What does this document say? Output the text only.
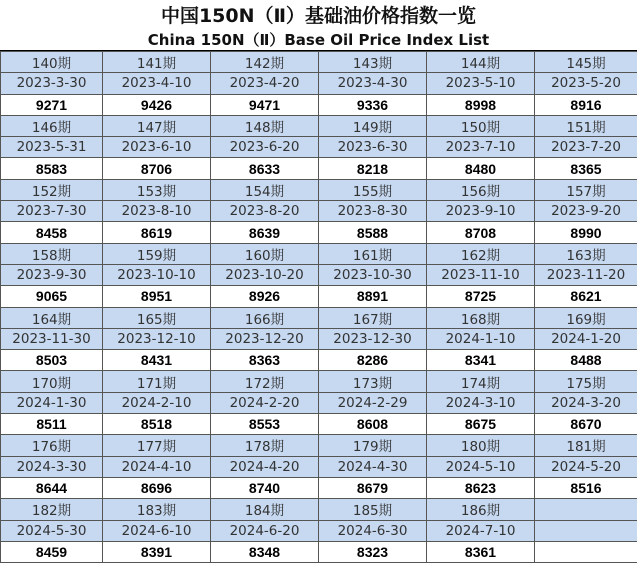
中国150N（Ⅱ）基础油价格指数一览
China 150N（Ⅱ）Base Oil Price Index List
140期	141期	142期	143期	144期	145期
2023-3-30	2023-4-10	2023-4-20	2023-4-30	2023-5-10	2023-5-20
9271	9426	9471	9336	8998	8916
146期	147期	148期	149期	150期	151期
2023-5-31	2023-6-10	2023-6-20	2023-6-30	2023-7-10	2023-7-20
8583	8706	8633	8218	8480	8365
152期	153期	154期	155期	156期	157期
2023-7-30	2023-8-10	2023-8-20	2023-8-30	2023-9-10	2023-9-20
8458	8619	8639	8588	8708	8990
158期	159期	160期	161期	162期	163期
2023-9-30	2023-10-10	2023-10-20	2023-10-30	2023-11-10	2023-11-20
9065	8951	8926	8891	8725	8621
164期	165期	166期	167期	168期	169期
2023-11-30	2023-12-10	2023-12-20	2023-12-30	2024-1-10	2024-1-20
8503	8431	8363	8286	8341	8488
170期	171期	172期	173期	174期	175期
2024-1-30	2024-2-10	2024-2-20	2024-2-29	2024-3-10	2024-3-20
8511	8518	8553	8608	8675	8670
176期	177期	178期	179期	180期	181期
2024-3-30	2024-4-10	2024-4-20	2024-4-30	2024-5-10	2024-5-20
8644	8696	8740	8679	8623	8516
182期	183期	184期	185期	186期	
2024-5-30	2024-6-10	2024-6-20	2024-6-30	2024-7-10	
8459	8391	8348	8323	8361	
